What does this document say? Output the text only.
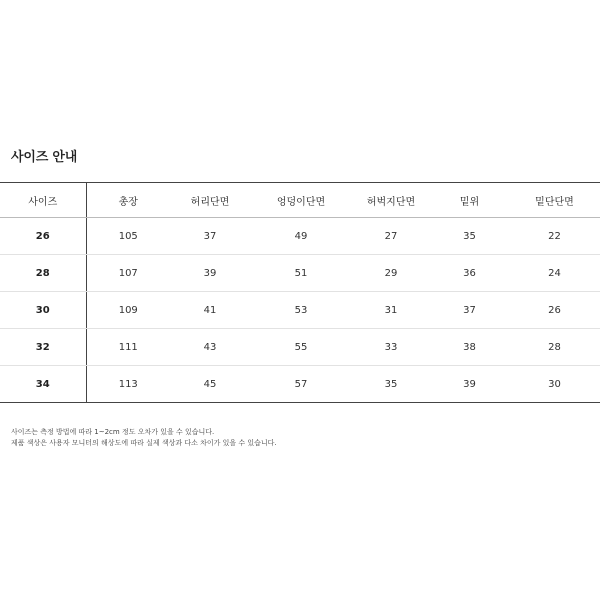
사이즈 안내
사이즈	총장	허리단면	엉덩이단면	허벅지단면	밑위	밑단단면
26	105	37	49	27	35	22
28	107	39	51	29	36	24
30	109	41	53	31	37	26
32	111	43	55	33	38	28
34	113	45	57	35	39	30
사이즈는 측정 방법에 따라 1~2cm 정도 오차가 있을 수 있습니다.
제품 색상은 사용자 모니터의 해상도에 따라 실제 색상과 다소 차이가 있을 수 있습니다.
